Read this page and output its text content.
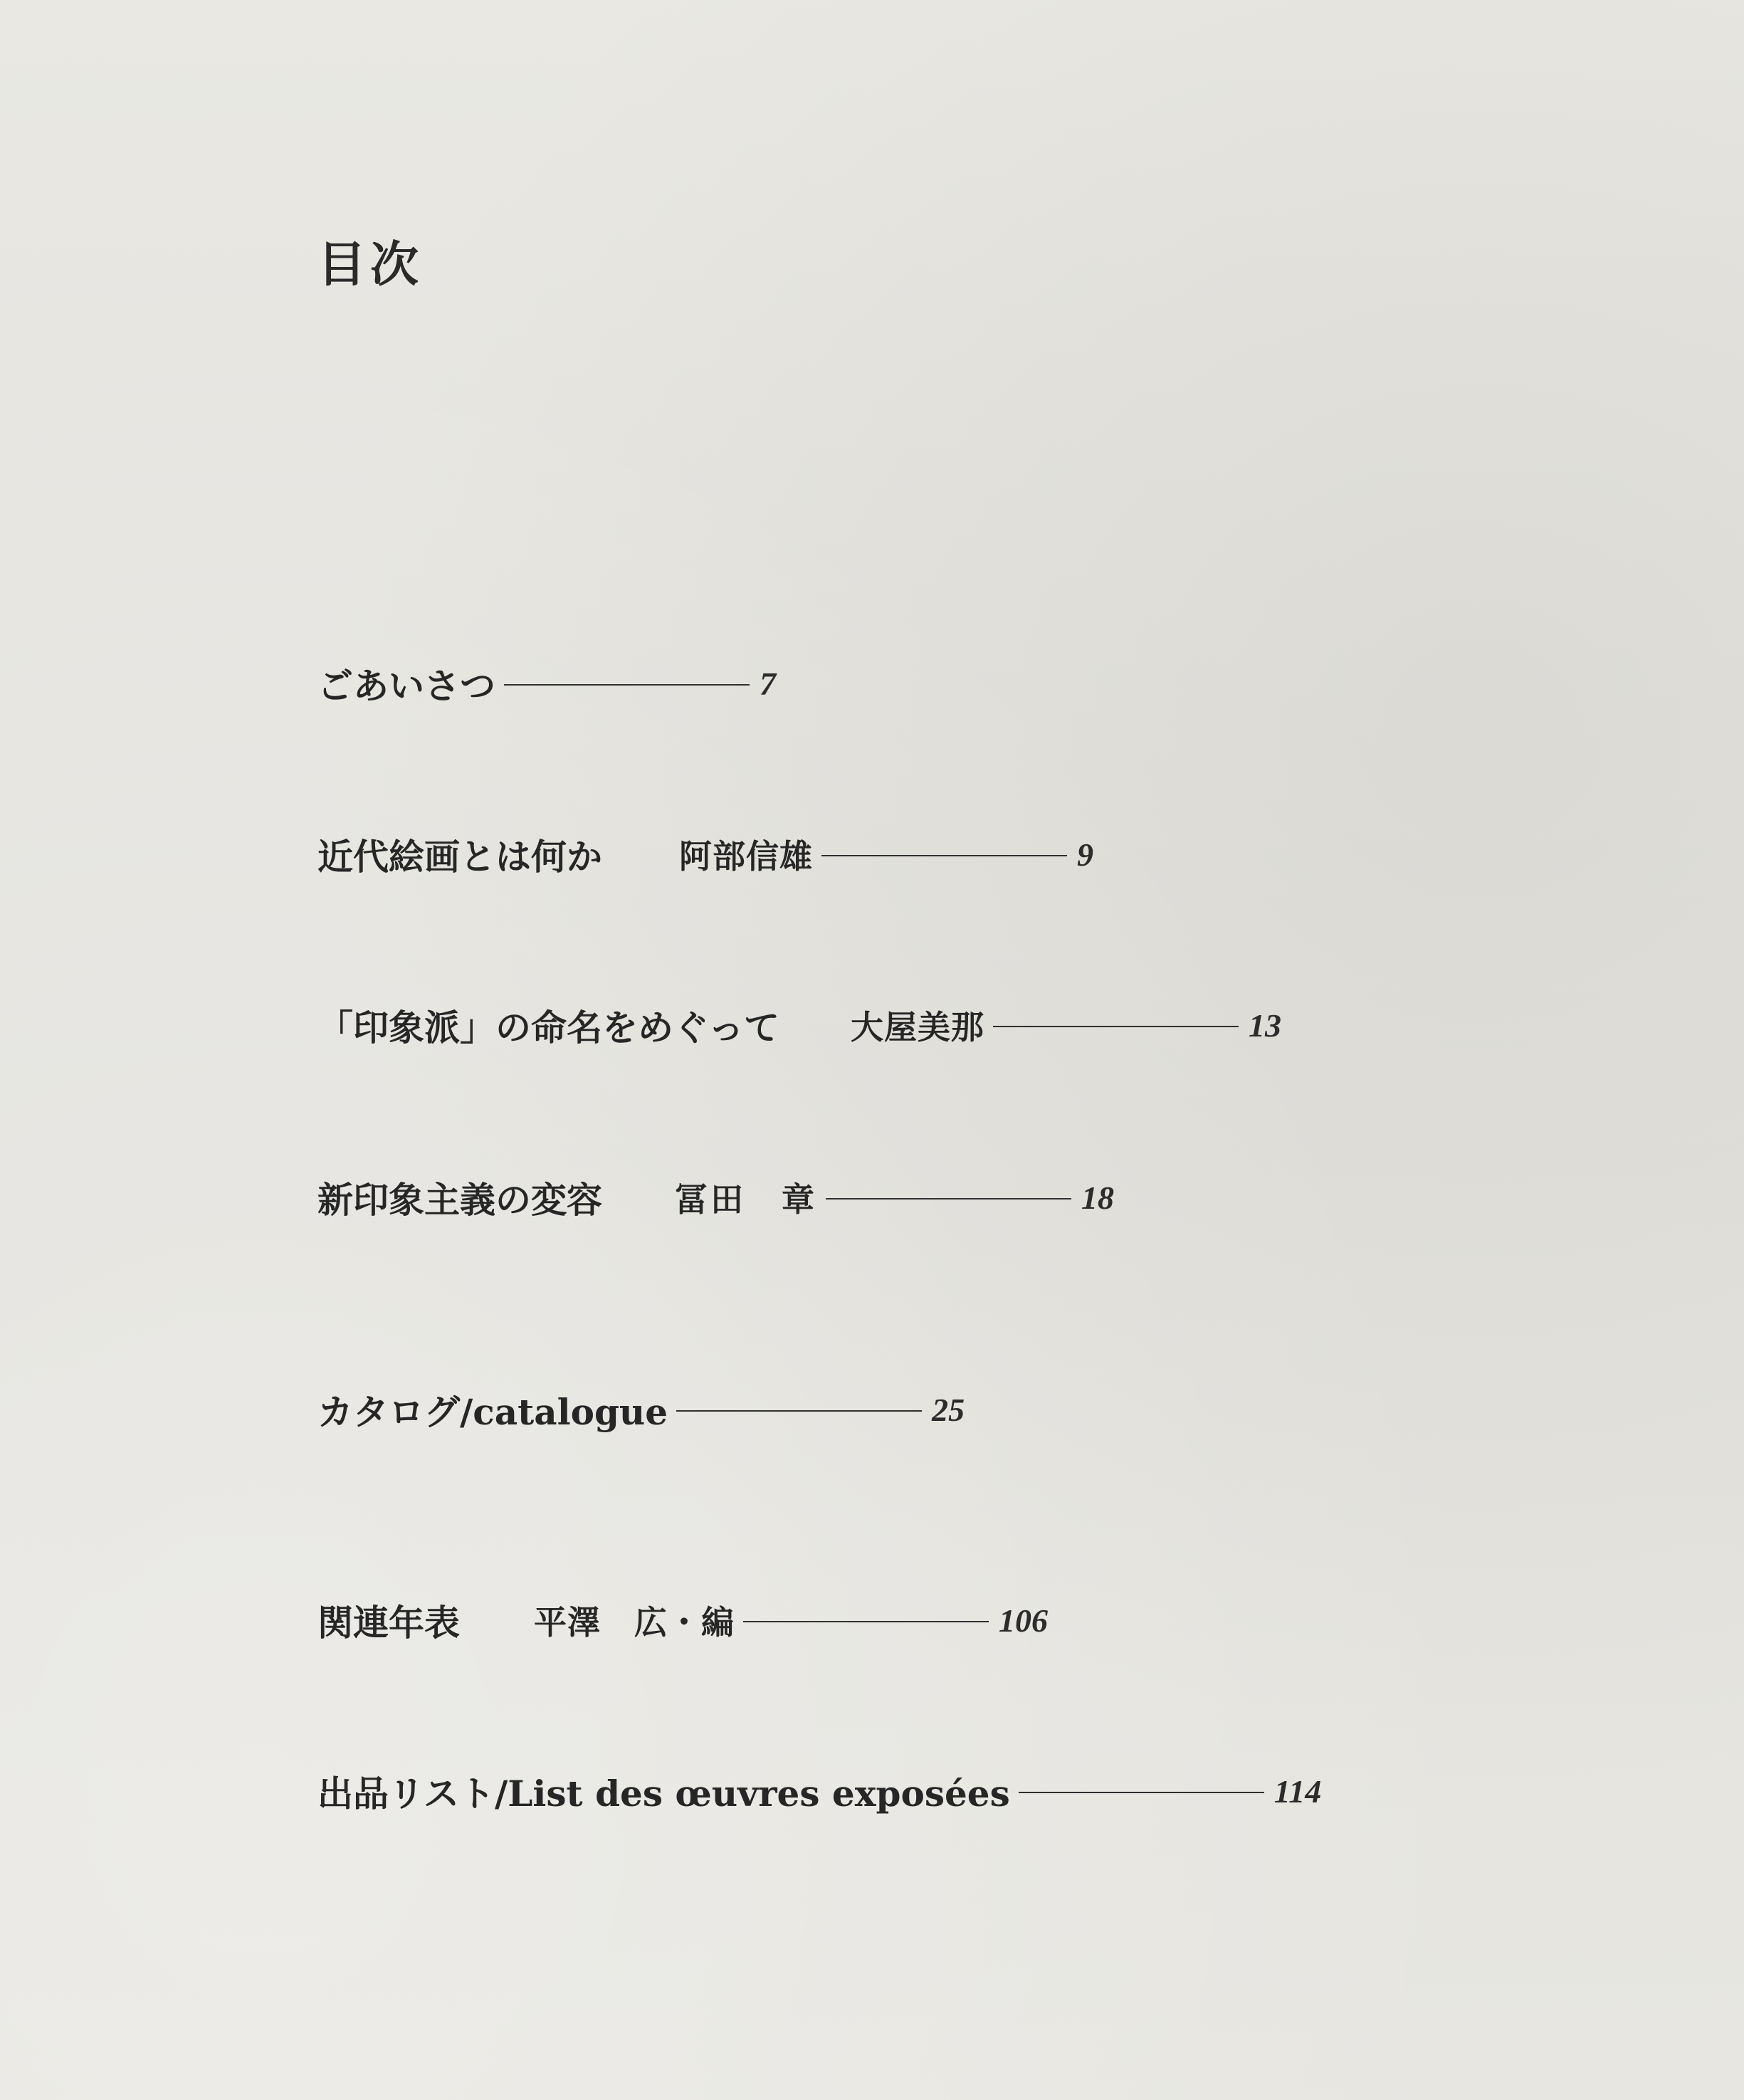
目次
ごあいさつ	7
近代絵画とは何か 阿部信雄	9
「印象派」の命名をめぐって 大屋美那	13
新印象主義の変容 冨田　章	18
カタログ/catalogue	25
関連年表 平澤　広・編	106
出品リスト/List des œuvres exposées	114
